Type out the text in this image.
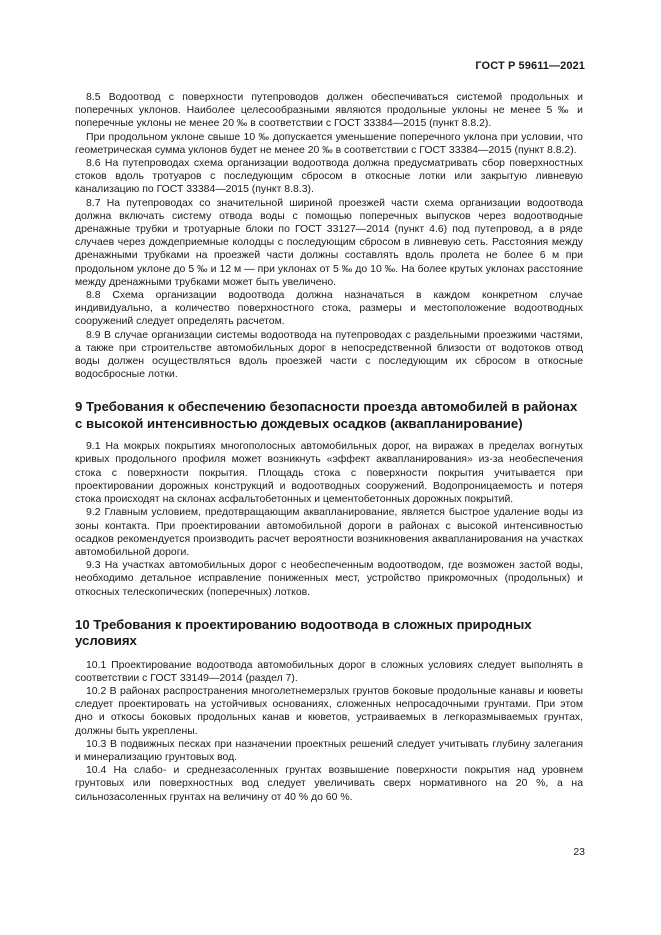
ГОСТ Р 59611—2021

8.5 Водоотвод с поверхности путепроводов должен обеспечиваться системой продольных и поперечных уклонов. Наиболее целесообразными являются продольные уклоны не менее 5 ‰ и поперечные уклоны не менее 20 ‰ в соответствии с ГОСТ 33384—2015 (пункт 8.8.2).

При продольном уклоне свыше 10 ‰ допускается уменьшение поперечного уклона при условии, что геометрическая сумма уклонов будет не менее 20 ‰ в соответствии с ГОСТ 33384—2015 (пункт 8.8.2).

8.6 На путепроводах схема организации водоотвода должна предусматривать сбор поверхностных стоков вдоль тротуаров с последующим сбросом в откосные лотки или закрытую ливневую канализацию по ГОСТ 33384—2015 (пункт 8.8.3).

8.7 На путепроводах со значительной шириной проезжей части схема организации водоотвода должна включать систему отвода воды с помощью поперечных выпусков через водоотводные дренажные трубки и тротуарные блоки по ГОСТ 33127—2014 (пункт 4.6) под путепровод, а в ряде случаев через дождеприемные колодцы с последующим сбросом в ливневую сеть. Расстояния между дренажными трубками на проезжей части должны составлять вдоль пролета не более 6 м при продольном уклоне до 5 ‰ и 12 м — при уклонах от 5 ‰ до 10 ‰. На более крутых уклонах расстояние между дренажными трубками может быть увеличено.

8.8 Схема организации водоотвода должна назначаться в каждом конкретном случае индивидуально, а количество поверхностного стока, размеры и местоположение водоотводных сооружений следует определять расчетом.

8.9 В случае организации системы водоотвода на путепроводах с раздельными проезжими частями, а также при строительстве автомобильных дорог в непосредственной близости от водотоков отвод воды должен осуществляться вдоль проезжей части с последующим их сбросом в откосные водосбросные лотки.

9 Требования к обеспечению безопасности проезда автомобилей в районах с высокой интенсивностью дождевых осадков (аквапланирование)

9.1 На мокрых покрытиях многополосных автомобильных дорог, на виражах в пределах вогнутых кривых продольного профиля может возникнуть «эффект аквапланирования» из-за необеспечения стока с поверхности покрытия. Площадь стока с поверхности покрытия учитывается при проектировании дорожных конструкций и водоотводных сооружений. Водопроницаемость и потеря стока происходят на склонах асфальтобетонных и цементобетонных дорожных покрытий.

9.2 Главным условием, предотвращающим аквапланирование, является быстрое удаление воды из зоны контакта. При проектировании автомобильной дороги в районах с высокой интенсивностью осадков рекомендуется производить расчет вероятности возникновения аквапланирования на участках автомобильной дороги.

9.3 На участках автомобильных дорог с необеспеченным водоотводом, где возможен застой воды, необходимо детальное исправление пониженных мест, устройство прикромочных (продольных) и откосных телескопических (поперечных) лотков.

10 Требования к проектированию водоотвода в сложных природных условиях

10.1 Проектирование водоотвода автомобильных дорог в сложных условиях следует выполнять в соответствии с ГОСТ 33149—2014 (раздел 7).

10.2 В районах распространения многолетнемерзлых грунтов боковые продольные канавы и кюветы следует проектировать на устойчивых основаниях, сложенных непросадочными грунтами. При этом дно и откосы боковых продольных канав и кюветов, устраиваемых в легкоразмываемых грунтах, должны быть укреплены.

10.3 В подвижных песках при назначении проектных решений следует учитывать глубину залегания и минерализацию грунтовых вод.

10.4 На слабо- и среднезасоленных грунтах возвышение поверхности покрытия над уровнем грунтовых или поверхностных вод следует увеличивать сверх нормативного на 20 %, а на сильнозасоленных грунтах на величину от 40 % до 60 %.

23
